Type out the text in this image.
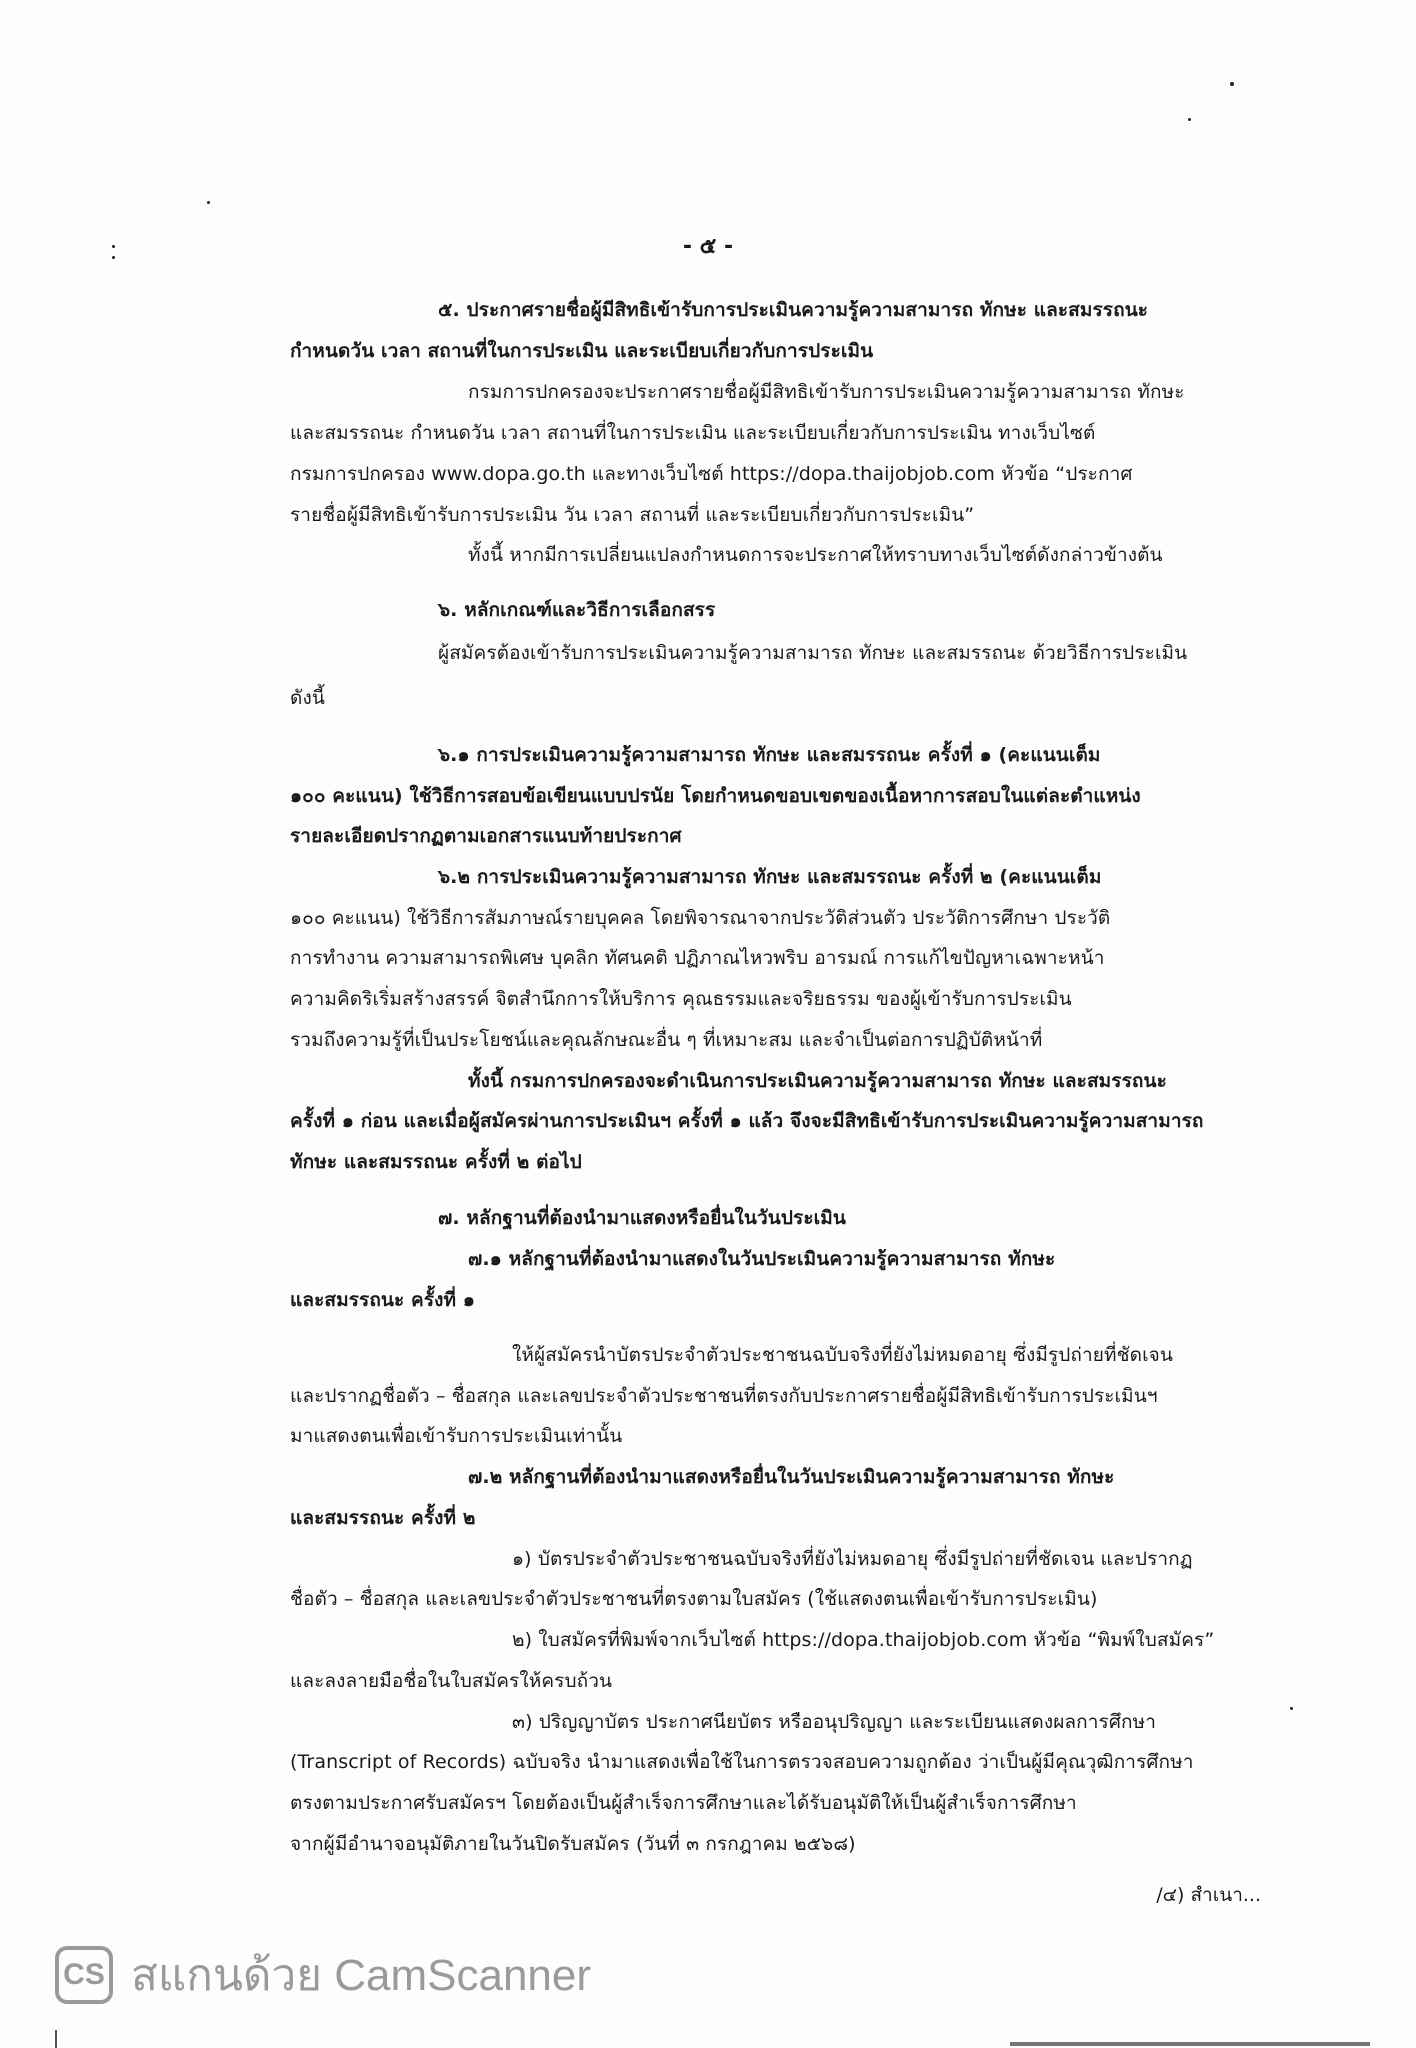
- ๕ -
๕. ประกาศรายชื่อผู้มีสิทธิเข้ารับการประเมินความรู้ความสามารถ ทักษะ และสมรรถนะ
กำหนดวัน เวลา สถานที่ในการประเมิน และระเบียบเกี่ยวกับการประเมิน
กรมการปกครองจะประกาศรายชื่อผู้มีสิทธิเข้ารับการประเมินความรู้ความสามารถ ทักษะ
และสมรรถนะ กำหนดวัน เวลา สถานที่ในการประเมิน และระเบียบเกี่ยวกับการประเมิน ทางเว็บไซต์
กรมการปกครอง www.dopa.go.th และทางเว็บไซต์ https://dopa.thaijobjob.com หัวข้อ “ประกาศ
รายชื่อผู้มีสิทธิเข้ารับการประเมิน วัน เวลา สถานที่ และระเบียบเกี่ยวกับการประเมิน”
ทั้งนี้ หากมีการเปลี่ยนแปลงกำหนดการจะประกาศให้ทราบทางเว็บไซต์ดังกล่าวข้างต้น
๖. หลักเกณฑ์และวิธีการเลือกสรร
ผู้สมัครต้องเข้ารับการประเมินความรู้ความสามารถ ทักษะ และสมรรถนะ ด้วยวิธีการประเมิน
ดังนี้
๖.๑ การประเมินความรู้ความสามารถ ทักษะ และสมรรถนะ ครั้งที่ ๑ (คะแนนเต็ม
๑๐๐ คะแนน) ใช้วิธีการสอบข้อเขียนแบบปรนัย โดยกำหนดขอบเขตของเนื้อหาการสอบในแต่ละตำแหน่ง
รายละเอียดปรากฏตามเอกสารแนบท้ายประกาศ
๖.๒ การประเมินความรู้ความสามารถ ทักษะ และสมรรถนะ ครั้งที่ ๒ (คะแนนเต็ม
๑๐๐ คะแนน) ใช้วิธีการสัมภาษณ์รายบุคคล โดยพิจารณาจากประวัติส่วนตัว ประวัติการศึกษา ประวัติ
การทำงาน ความสามารถพิเศษ บุคลิก ทัศนคติ ปฏิภาณไหวพริบ อารมณ์ การแก้ไขปัญหาเฉพาะหน้า
ความคิดริเริ่มสร้างสรรค์ จิตสำนึกการให้บริการ คุณธรรมและจริยธรรม ของผู้เข้ารับการประเมิน
รวมถึงความรู้ที่เป็นประโยชน์และคุณลักษณะอื่น ๆ ที่เหมาะสม และจำเป็นต่อการปฏิบัติหน้าที่
ทั้งนี้ กรมการปกครองจะดำเนินการประเมินความรู้ความสามารถ ทักษะ และสมรรถนะ
ครั้งที่ ๑ ก่อน และเมื่อผู้สมัครผ่านการประเมินฯ ครั้งที่ ๑ แล้ว จึงจะมีสิทธิเข้ารับการประเมินความรู้ความสามารถ
ทักษะ และสมรรถนะ ครั้งที่ ๒ ต่อไป
๗. หลักฐานที่ต้องนำมาแสดงหรือยื่นในวันประเมิน
๗.๑ หลักฐานที่ต้องนำมาแสดงในวันประเมินความรู้ความสามารถ ทักษะ
และสมรรถนะ ครั้งที่ ๑
ให้ผู้สมัครนำบัตรประจำตัวประชาชนฉบับจริงที่ยังไม่หมดอายุ ซึ่งมีรูปถ่ายที่ชัดเจน
และปรากฏชื่อตัว – ชื่อสกุล และเลขประจำตัวประชาชนที่ตรงกับประกาศรายชื่อผู้มีสิทธิเข้ารับการประเมินฯ
มาแสดงตนเพื่อเข้ารับการประเมินเท่านั้น
๗.๒ หลักฐานที่ต้องนำมาแสดงหรือยื่นในวันประเมินความรู้ความสามารถ ทักษะ
และสมรรถนะ ครั้งที่ ๒
๑) บัตรประจำตัวประชาชนฉบับจริงที่ยังไม่หมดอายุ ซึ่งมีรูปถ่ายที่ชัดเจน และปรากฏ
ชื่อตัว – ชื่อสกุล และเลขประจำตัวประชาชนที่ตรงตามใบสมัคร (ใช้แสดงตนเพื่อเข้ารับการประเมิน)
๒) ใบสมัครที่พิมพ์จากเว็บไซต์ https://dopa.thaijobjob.com หัวข้อ “พิมพ์ใบสมัคร”
และลงลายมือชื่อในใบสมัครให้ครบถ้วน
๓) ปริญญาบัตร ประกาศนียบัตร หรืออนุปริญญา และระเบียนแสดงผลการศึกษา
(Transcript of Records) ฉบับจริง นำมาแสดงเพื่อใช้ในการตรวจสอบความถูกต้อง ว่าเป็นผู้มีคุณวุฒิการศึกษา
ตรงตามประกาศรับสมัครฯ โดยต้องเป็นผู้สำเร็จการศึกษาและได้รับอนุมัติให้เป็นผู้สำเร็จการศึกษา
จากผู้มีอำนาจอนุมัติภายในวันปิดรับสมัคร (วันที่ ๓ กรกฎาคม ๒๕๖๘)
/๔) สำเนา...
CS สแกนด้วย CamScanner
